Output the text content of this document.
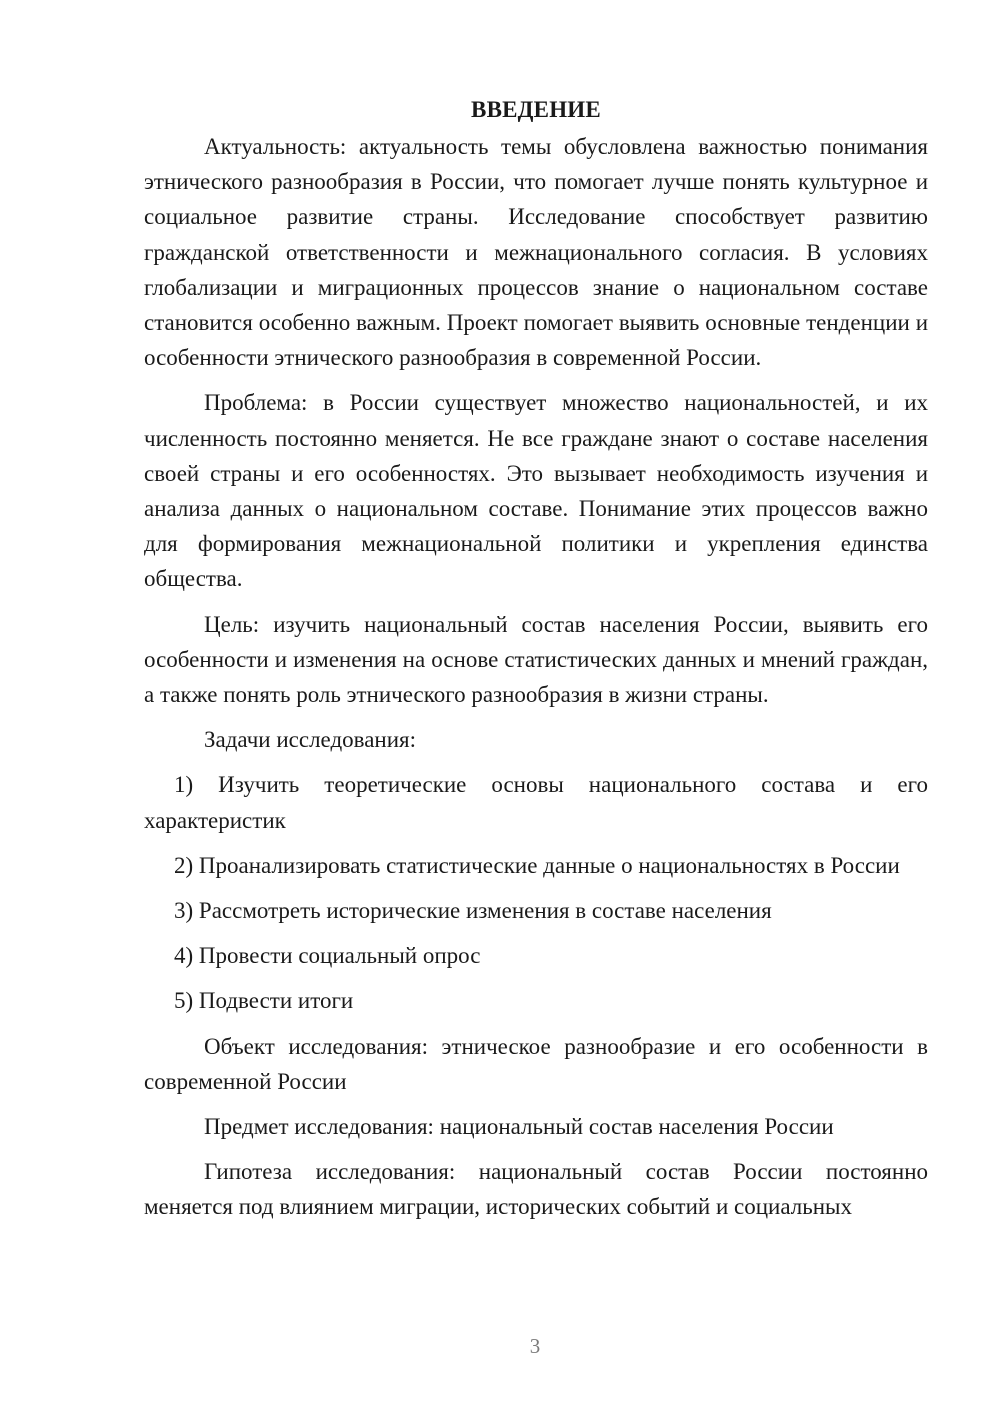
ВВЕДЕНИЕ

Актуальность: актуальность темы обусловлена важностью понимания этнического разнообразия в России, что помогает лучше понять культурное и социальное развитие страны. Исследование способствует развитию гражданской ответственности и межнационального согласия. В условиях глобализации и миграционных процессов знание о национальном составе становится особенно важным. Проект помогает выявить основные тенденции и особенности этнического разнообразия в современной России.

Проблема: в России существует множество национальностей, и их численность постоянно меняется. Не все граждане знают о составе населения своей страны и его особенностях. Это вызывает необходимость изучения и анализа данных о национальном составе. Понимание этих процессов важно для формирования межнациональной политики и укрепления единства общества.

Цель: изучить национальный состав населения России, выявить его особенности и изменения на основе статистических данных и мнений граждан, а также понять роль этнического разнообразия в жизни страны.

Задачи исследования:

1) Изучить теоретические основы национального состава и его характеристик

2) Проанализировать статистические данные о национальностях в России

3) Рассмотреть исторические изменения в составе населения

4) Провести социальный опрос

5) Подвести итоги

Объект исследования: этническое разнообразие и его особенности в современной России

Предмет исследования: национальный состав населения России

Гипотеза исследования: национальный состав России постоянно меняется под влиянием миграции, исторических событий и социальных

3
